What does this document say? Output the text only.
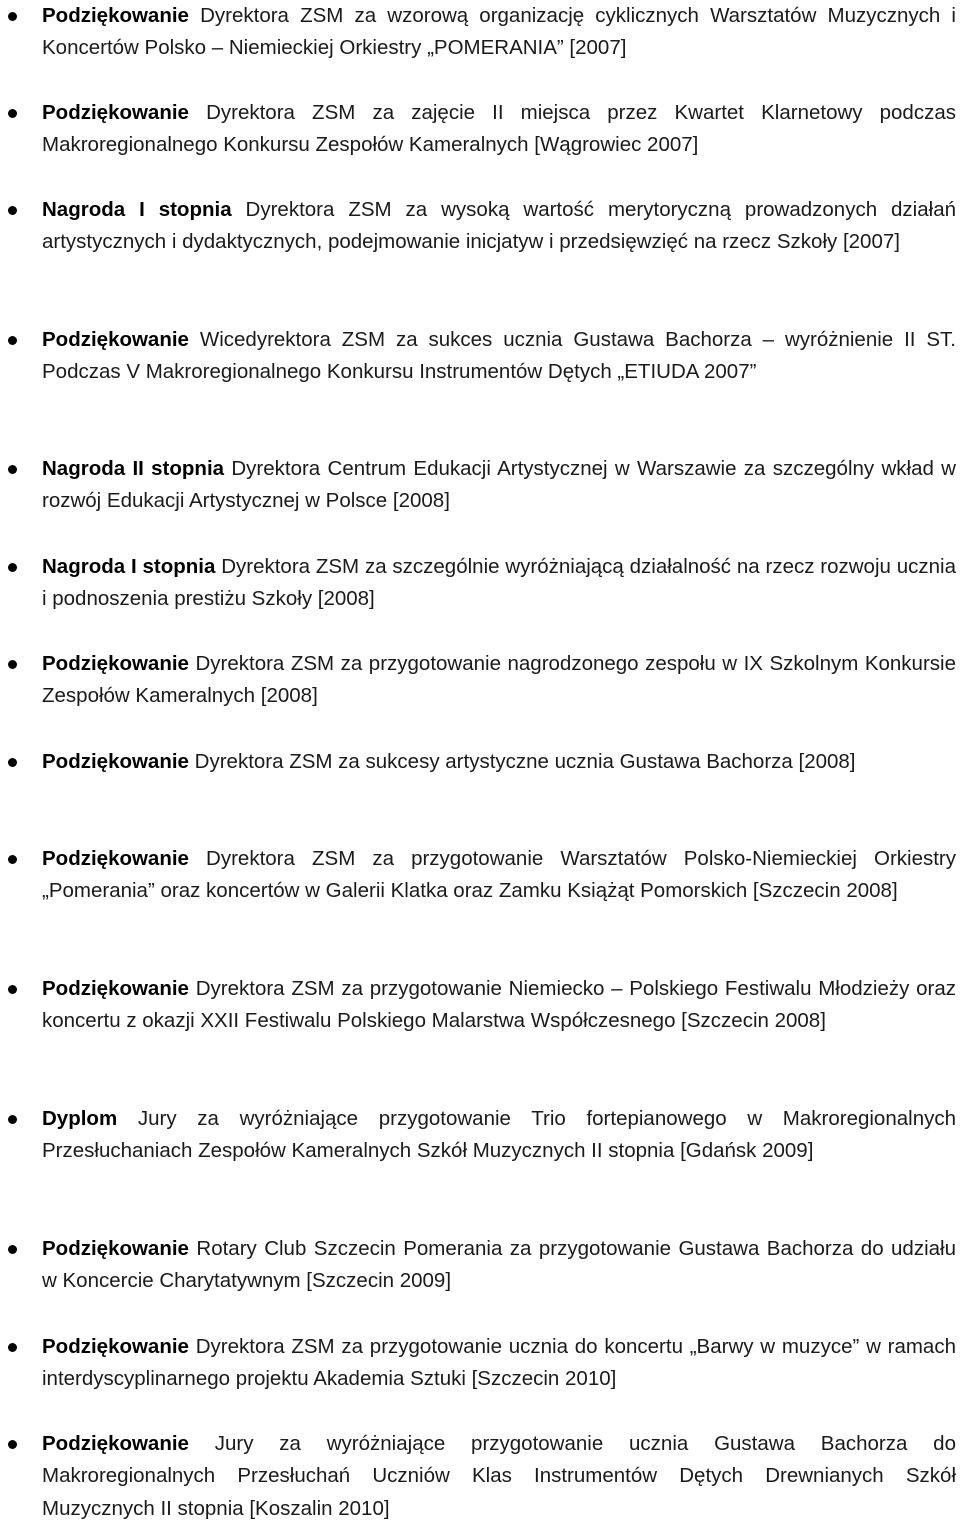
Podziękowanie Dyrektora ZSM za wzorową organizację cyklicznych Warsztatów Muzycznych i Koncertów Polsko – Niemieckiej Orkiestry „POMERANIA” [2007]
Podziękowanie Dyrektora ZSM za zajęcie II miejsca przez Kwartet Klarnetowy podczas Makroregionalnego Konkursu Zespołów Kameralnych [Wągrowiec 2007]
Nagroda I stopnia Dyrektora ZSM za wysoką wartość merytoryczną prowadzonych działań artystycznych i dydaktycznych, podejmowanie inicjatyw i przedsięwzięć na rzecz Szkoły [2007]
Podziękowanie Wicedyrektora ZSM za sukces ucznia Gustawa Bachorza – wyróżnienie II ST. Podczas V Makroregionalnego Konkursu Instrumentów Dętych „ETIUDA 2007”
Nagroda II stopnia Dyrektora Centrum Edukacji Artystycznej w Warszawie za szczególny wkład w rozwój Edukacji Artystycznej w Polsce [2008]
Nagroda I stopnia Dyrektora ZSM za szczególnie wyróżniającą działalność na rzecz rozwoju ucznia i podnoszenia prestiżu Szkoły [2008]
Podziękowanie Dyrektora ZSM za przygotowanie nagrodzonego zespołu w IX Szkolnym Konkursie Zespołów Kameralnych [2008]
Podziękowanie Dyrektora ZSM za sukcesy artystyczne ucznia Gustawa Bachorza [2008]
Podziękowanie Dyrektora ZSM za przygotowanie Warsztatów Polsko-Niemieckiej Orkiestry „Pomerania” oraz koncertów w Galerii Klatka oraz Zamku Książąt Pomorskich [Szczecin 2008]
Podziękowanie Dyrektora ZSM za przygotowanie Niemiecko – Polskiego Festiwalu Młodzieży oraz koncertu z okazji XXII Festiwalu Polskiego Malarstwa Współczesnego [Szczecin 2008]
Dyplom Jury za wyróżniające przygotowanie Trio fortepianowego w Makroregionalnych Przesłuchaniach Zespołów Kameralnych Szkół Muzycznych II stopnia [Gdańsk 2009]
Podziękowanie Rotary Club Szczecin Pomerania za przygotowanie Gustawa Bachorza do udziału w Koncercie Charytatywnym [Szczecin 2009]
Podziękowanie Dyrektora ZSM za przygotowanie ucznia do koncertu „Barwy w muzyce” w ramach interdyscyplinarnego projektu Akademia Sztuki [Szczecin 2010]
Podziękowanie Jury za wyróżniające przygotowanie ucznia Gustawa Bachorza do Makroregionalnych Przesłuchań Uczniów Klas Instrumentów Dętych Drewnianych Szkół Muzycznych II stopnia [Koszalin 2010]
